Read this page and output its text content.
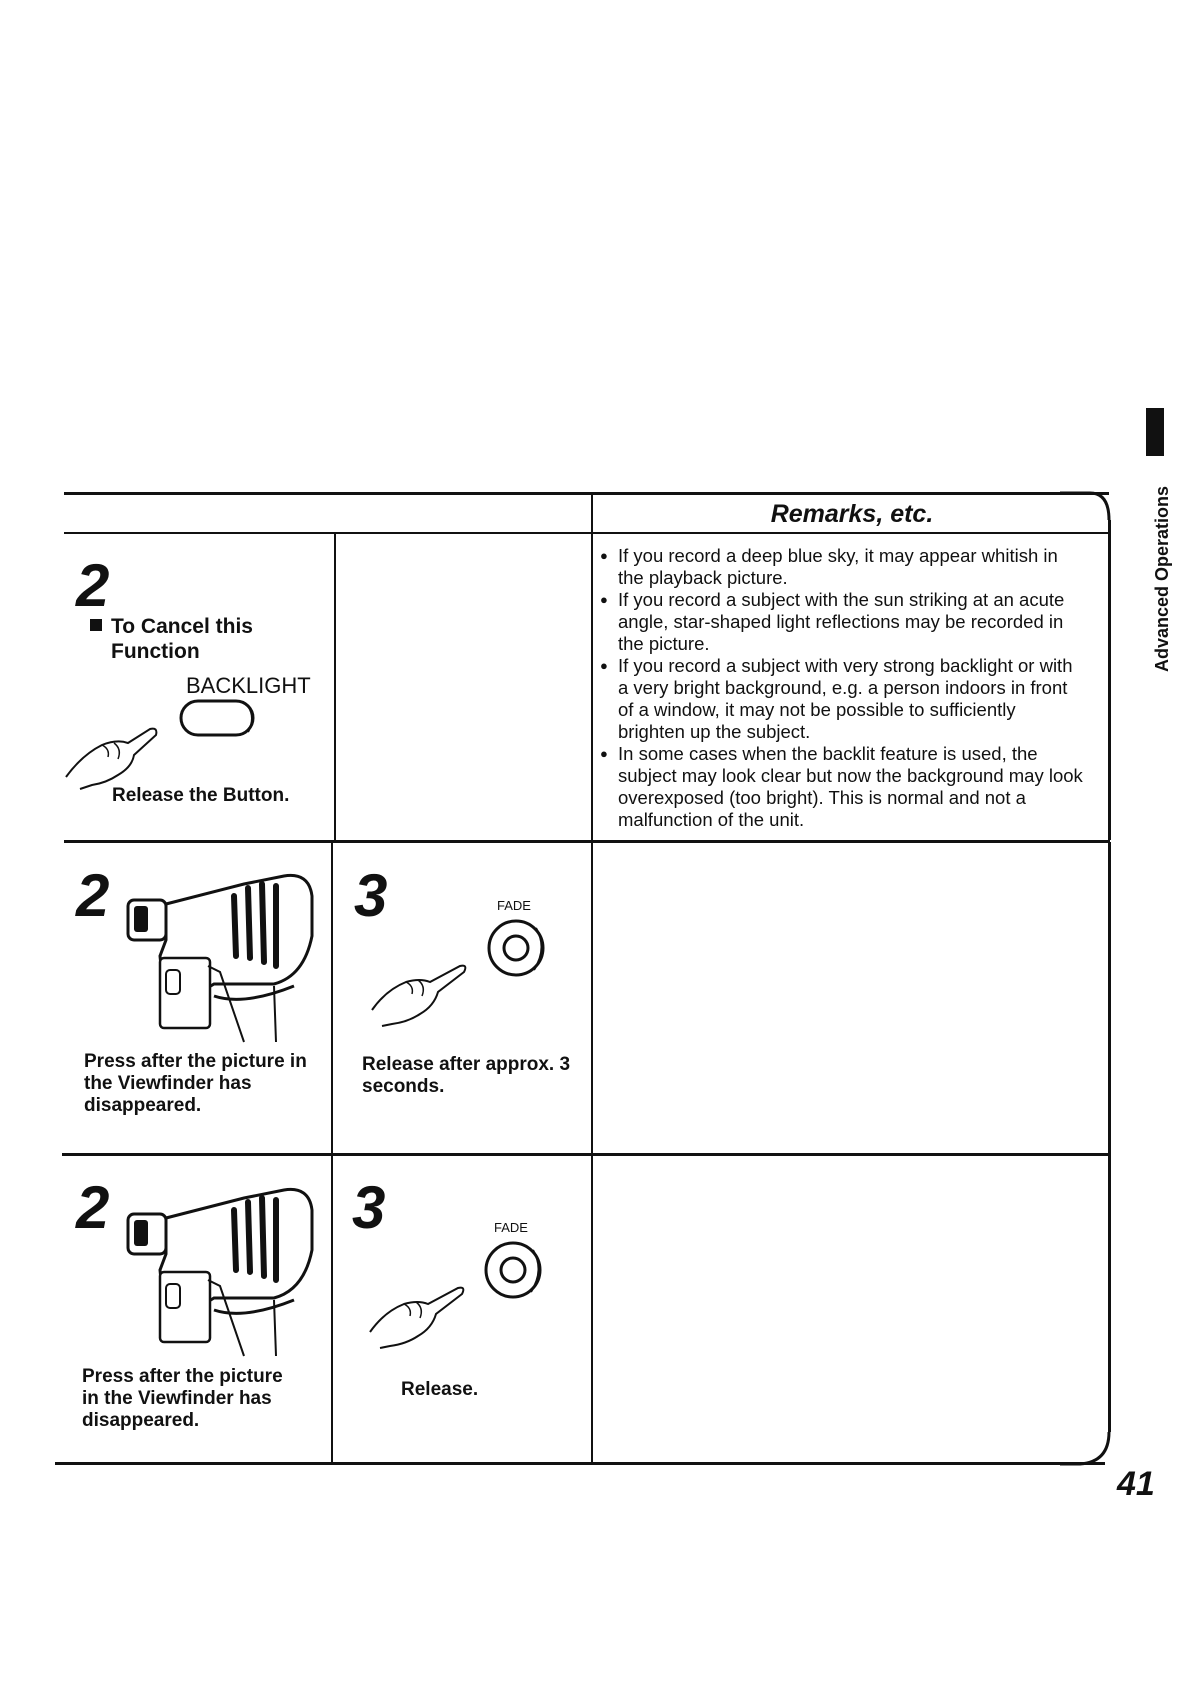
Remarks, etc.
● If you record a deep blue sky, it may appear whitish in the playback picture.
● If you record a subject with the sun striking at an acute angle, star-shaped light reflections may be recorded in the picture.
● If you record a subject with very strong backlight or with a very bright background, e.g. a person indoors in front of a window, it may not be possible to sufficiently brighten up the subject.
● In some cases when the backlit feature is used, the subject may look clear but now the background may look overexposed (too bright). This is normal and not a malfunction of the unit.
2
To Cancel this
Function
BACKLIGHT
Release the Button.
2
Press after the picture in the Viewfinder has disappeared.
3	FADE
Release after approx. 3 seconds.
2
Press after the picture in the Viewfinder has disappeared.
3	FADE
Release.
Advanced Operations
41
